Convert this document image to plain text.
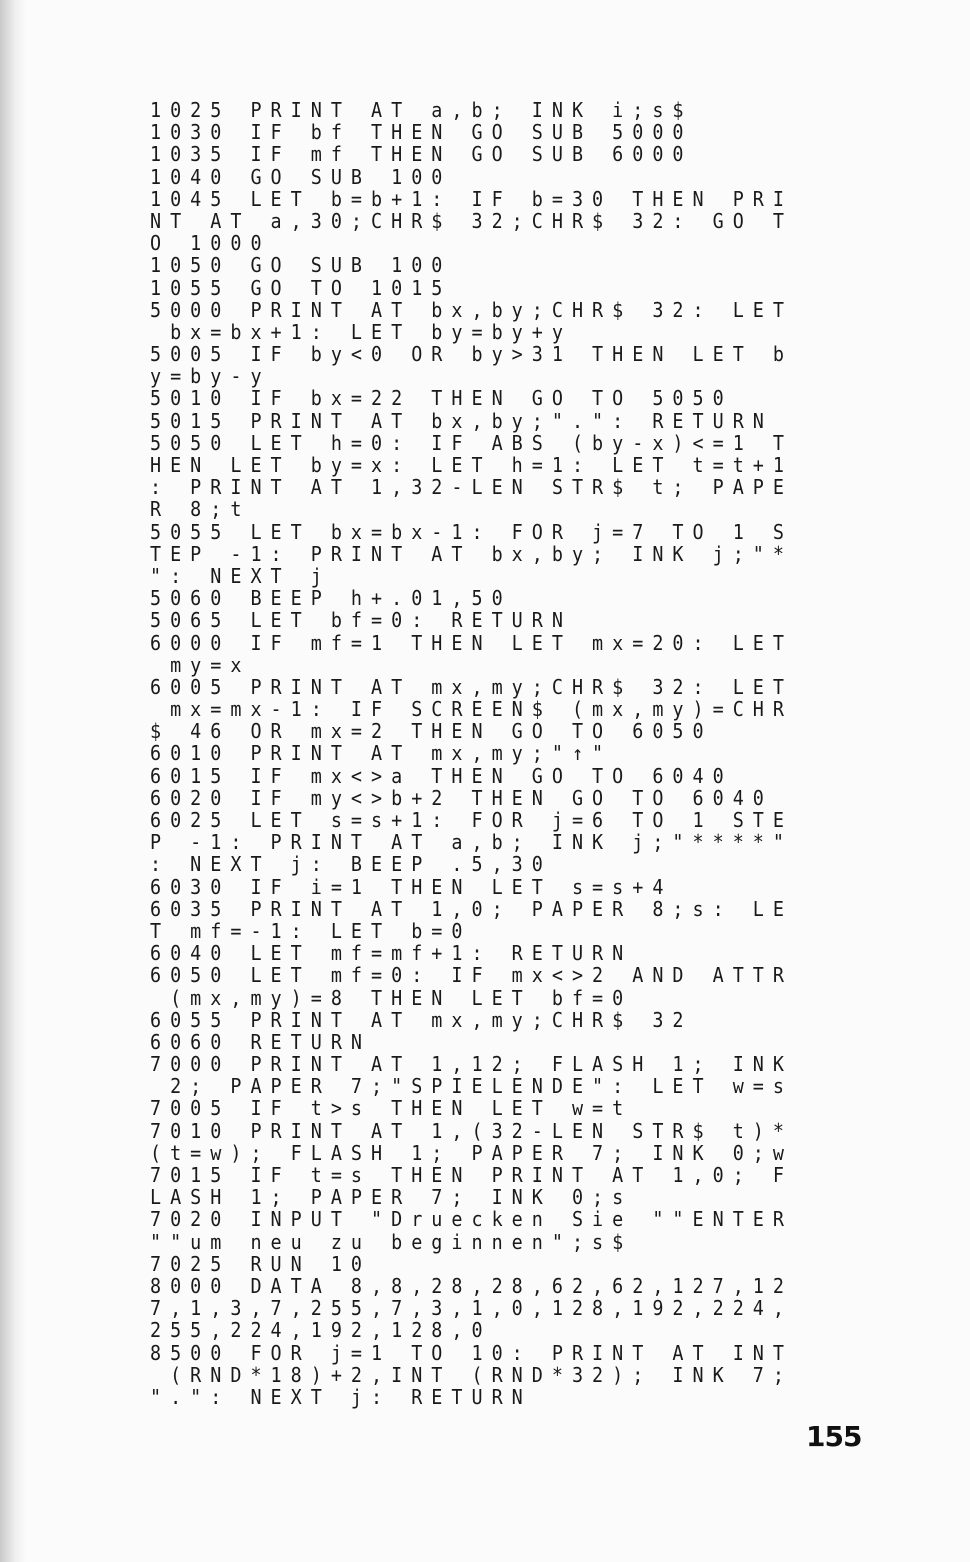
1025 PRINT AT a,b; INK i;s$
1030 IF bf THEN GO SUB 5000
1035 IF mf THEN GO SUB 6000
1040 GO SUB 100
1045 LET b=b+1: IF b=30 THEN PRI
NT AT a,30;CHR$ 32;CHR$ 32: GO T
O 1000
1050 GO SUB 100
1055 GO TO 1015
5000 PRINT AT bx,by;CHR$ 32: LET
bx=bx+1: LET by=by+y
5005 IF by<0 OR by>31 THEN LET b
y=by-y
5010 IF bx=22 THEN GO TO 5050
5015 PRINT AT bx,by;".": RETURN
5050 LET h=0: IF ABS (by-x)<=1 T
HEN LET by=x: LET h=1: LET t=t+1
: PRINT AT 1,32-LEN STR$ t; PAPE
R 8;t
5055 LET bx=bx-1: FOR j=7 TO 1 S
TEP -1: PRINT AT bx,by; INK j;"*
": NEXT j
5060 BEEP h+.01,50
5065 LET bf=0: RETURN
6000 IF mf=1 THEN LET mx=20: LET
my=x
6005 PRINT AT mx,my;CHR$ 32: LET
mx=mx-1: IF SCREEN$ (mx,my)=CHR
$ 46 OR mx=2 THEN GO TO 6050
6010 PRINT AT mx,my;"↑"
6015 IF mx<>a THEN GO TO 6040
6020 IF my<>b+2 THEN GO TO 6040
6025 LET s=s+1: FOR j=6 TO 1 STE
P -1: PRINT AT a,b; INK j;"****"
: NEXT j: BEEP .5,30
6030 IF i=1 THEN LET s=s+4
6035 PRINT AT 1,0; PAPER 8;s: LE
T mf=-1: LET b=0
6040 LET mf=mf+1: RETURN
6050 LET mf=0: IF mx<>2 AND ATTR
(mx,my)=8 THEN LET bf=0
6055 PRINT AT mx,my;CHR$ 32
6060 RETURN
7000 PRINT AT 1,12; FLASH 1; INK
2; PAPER 7;"SPIELENDE": LET w=s
7005 IF t>s THEN LET w=t
7010 PRINT AT 1,(32-LEN STR$ t)*
(t=w); FLASH 1; PAPER 7; INK 0;w
7015 IF t=s THEN PRINT AT 1,0; F
LASH 1; PAPER 7; INK 0;s
7020 INPUT "Druecken Sie ""ENTER
""um neu zu beginnen";s$
7025 RUN 10
8000 DATA 8,8,28,28,62,62,127,12
7,1,3,7,255,7,3,1,0,128,192,224,
255,224,192,128,0
8500 FOR j=1 TO 10: PRINT AT INT
(RND*18)+2,INT (RND*32); INK 7;
".": NEXT j: RETURN
155
